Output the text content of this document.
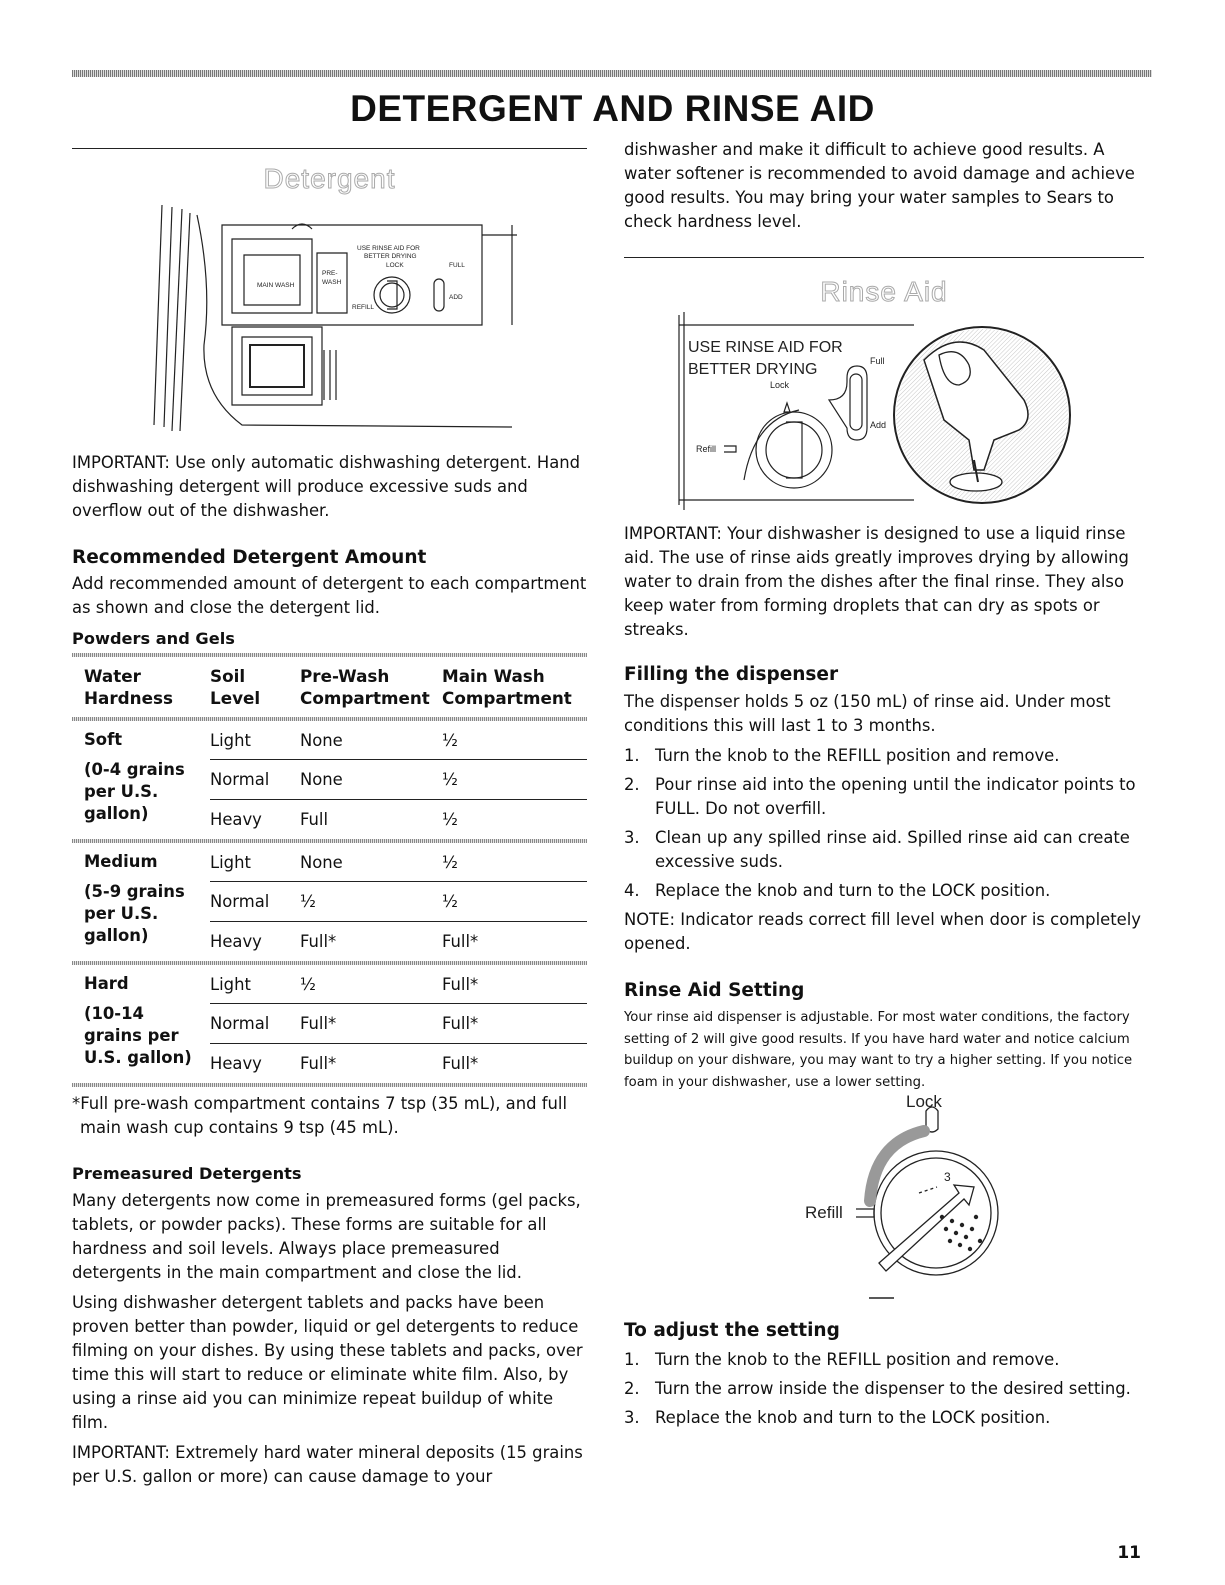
DETERGENT AND RINSE AID
Detergent
USE RINSE AID FOR
BETTER DRYING
FULL
ADD
LOCK
REFILL
PRE-
WASH
MAIN WASH

IMPORTANT: Use only automatic dishwashing detergent. Hand dishwashing detergent will produce excessive suds and overflow out of the dishwasher.

Recommended Detergent Amount

Add recommended amount of detergent to each compartment as shown and close the detergent lid.

Powders and Gels
Water Hardness	Soil Level	Pre-Wash Compartment	Main Wash Compartment
Soft
(0-4 grains per U.S. gallon)	Light	None	½
	Normal	None	½
	Heavy	Full	½
Medium
(5-9 grains per U.S. gallon)	Light	None	½
	Normal	½	½
	Heavy	Full*	Full*
Hard
(10-14 grains per U.S. gallon)	Light	½	Full*
	Normal	Full*	Full*
	Heavy	Full*	Full*

*Full pre-wash compartment contains 7 tsp (35 mL), and full main wash cup contains 9 tsp (45 mL).

Premeasured Detergents

Many detergents now come in premeasured forms (gel packs, tablets, or powder packs). These forms are suitable for all hardness and soil levels. Always place premeasured detergents in the main compartment and close the lid.

Using dishwasher detergent tablets and packs have been proven better than powder, liquid or gel detergents to reduce filming on your dishes. By using these tablets and packs, over time this will start to reduce or eliminate white film. Also, by using a rinse aid you can minimize repeat buildup of white film.

IMPORTANT: Extremely hard water mineral deposits (15 grains per U.S. gallon or more) can cause damage to your

dishwasher and make it difficult to achieve good results. A water softener is recommended to avoid damage and achieve good results. You may bring your water samples to Sears to check hardness level.

Rinse Aid
USE RINSE AID FOR
BETTER DRYING
Lock
Full
Add
Refill

IMPORTANT: Your dishwasher is designed to use a liquid rinse aid. The use of rinse aids greatly improves drying by allowing water to drain from the dishes after the final rinse. They also keep water from forming droplets that can dry as spots or streaks.

Filling the dispenser

The dispenser holds 5 oz (150 mL) of rinse aid. Under most conditions this will last 1 to 3 months.

1. Turn the knob to the REFILL position and remove.
2. Pour rinse aid into the opening until the indicator points to FULL. Do not overfill.
3. Clean up any spilled rinse aid. Spilled rinse aid can create excessive suds.
4. Replace the knob and turn to the LOCK position.

NOTE: Indicator reads correct fill level when door is completely opened.

Rinse Aid Setting

Your rinse aid dispenser is adjustable. For most water conditions, the factory setting of 2 will give good results. If you have hard water and notice calcium buildup on your dishware, you may want to try a higher setting. If you notice foam in your dishwasher, use a lower setting.

Lock
Refill
3
To adjust the setting
1. Turn the knob to the REFILL position and remove.
2. Turn the arrow inside the dispenser to the desired setting.
3. Replace the knob and turn to the LOCK position.
11
